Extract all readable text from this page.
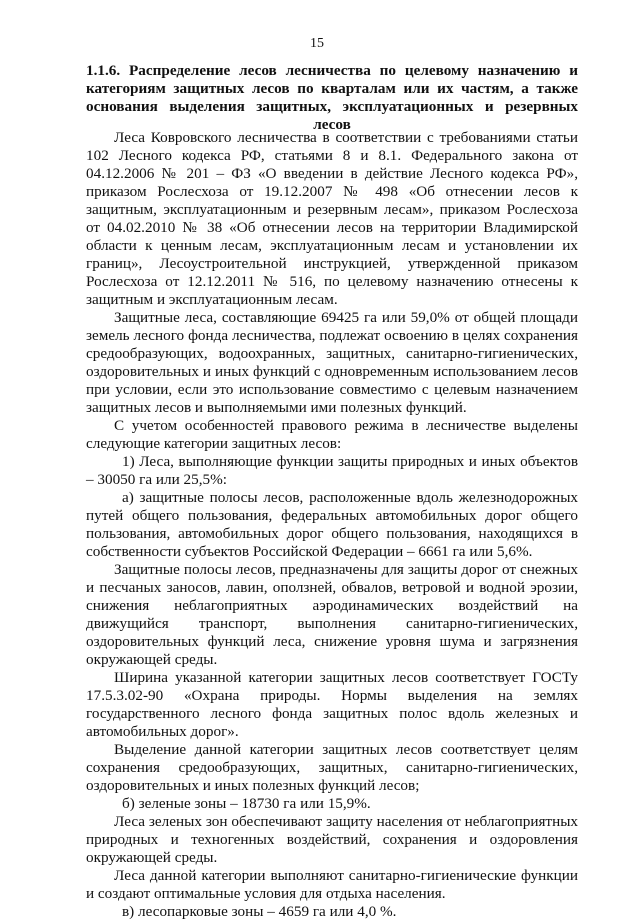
15
1.1.6. Распределение лесов лесничества по целевому назначению и категориям защитных лесов по кварталам или их частям, а также основания выделения защитных, эксплуатационных и резервных лесов

Леса Ковровского лесничества в соответствии с требованиями статьи 102 Лесного кодекса РФ, статьями 8 и 8.1. Федерального закона от 04.12.2006 № 201 – ФЗ «О введении в действие Лесного кодекса РФ», приказом Рослесхоза от 19.12.2007 № 498 «Об отнесении лесов к защитным, эксплуатационным и резервным лесам», приказом Рослесхоза от 04.02.2010 № 38 «Об отнесении лесов на территории Владимирской области к ценным лесам, эксплуатационным лесам и установлении их границ», Лесоустроительной инструкцией, утвержденной приказом Рослесхоза от 12.12.2011 № 516, по целевому назначению отнесены к защитным и эксплуатационным лесам.

Защитные леса, составляющие 69425 га или 59,0% от общей площади земель лесного фонда лесничества, подлежат освоению в целях сохранения средообразующих, водоохранных, защитных, санитарно-гигиенических, оздоровительных и иных функций с одновременным использованием лесов при условии, если это использование совместимо с целевым назначением защитных лесов и выполняемыми ими полезных функций.

С учетом особенностей правового режима в лесничестве выделены следующие категории защитных лесов:

1) Леса, выполняющие функции защиты природных и иных объектов – 30050 га или 25,5%:

а) защитные полосы лесов, расположенные вдоль железнодорожных путей общего пользования, федеральных автомобильных дорог общего пользования, автомобильных дорог общего пользования, находящихся в собственности субъектов Российской Федерации – 6661 га или 5,6%.

Защитные полосы лесов, предназначены для защиты дорог от снежных и песчаных заносов, лавин, оползней, обвалов, ветровой и водной эрозии, снижения неблагоприятных аэродинамических воздействий на движущийся транспорт, выполнения санитарно-гигиенических, оздоровительных функций леса, снижение уровня шума и загрязнения окружающей среды.

Ширина указанной категории защитных лесов соответствует ГОСТу 17.5.3.02-90 «Охрана природы. Нормы выделения на землях государственного лесного фонда защитных полос вдоль железных и автомобильных дорог».

Выделение данной категории защитных лесов соответствует целям сохранения средообразующих, защитных, санитарно-гигиенических, оздоровительных и иных полезных функций лесов;

б) зеленые зоны – 18730 га или 15,9%.

Леса зеленых зон обеспечивают защиту населения от неблагоприятных природных и техногенных воздействий, сохранения и оздоровления окружающей среды.

Леса данной категории выполняют санитарно-гигиенические функции и создают оптимальные условия для отдыха населения.

в) лесопарковые зоны – 4659 га или 4,0 %.
